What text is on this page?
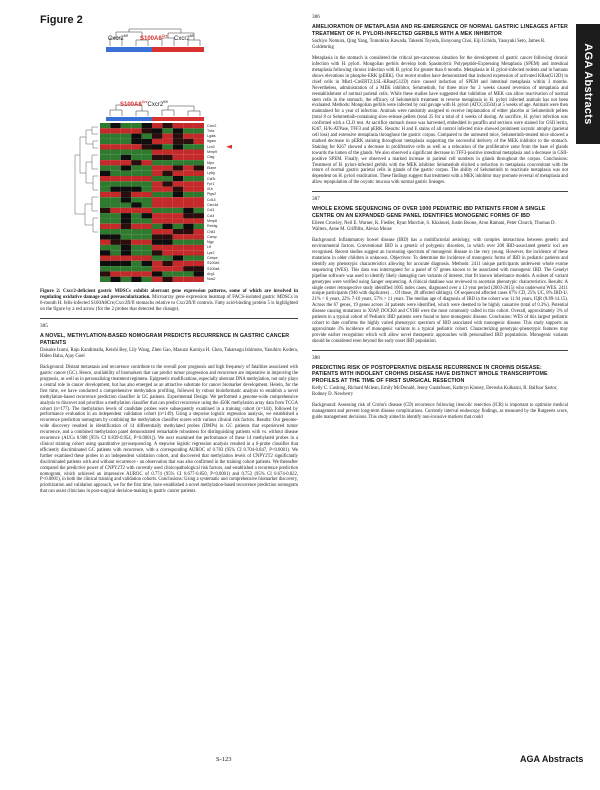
AGA Abstracts
Figure 2
Cxcr2
Tnfa
Lgals
Itgam
Lcn2
Mmp9
Ctsg
Mpo
Elane
Ly6g
Csf3r
Fpr1
Il1b
Ptgs2
Cd14
Clec4d
Ccl3
Ccl4
Mmp8
Retnlg
Chil3
Camp
Ngp
Ltf
Lyz2
Cebpe
S100a9
S100a8
Arg1
Nos2
$Cxcr2^{fl/fl}$ $S100A8^{Cre}$ $Cxcr2^{fl/fl}$
$S100A8^{Cre}Cxcr2^{fl/fl}$
Figure 2: Cxcr2-deficient gastric MDSCs exhibit aberrant gene expression patterns, some of which are involved in regulating oxidative damage and prevascularization. Microarray gene expression heatmap of FACS-isolated gastric MDSCs in 6-month H. felis-infected S100A8Cre;Cxcr2fl/fl stomachs relative to Cxcr2fl/fl controls. Fatty acid-binding protein 5 is highlighted on the figure by a red arrow (for the 2 probes that detected the change).
385
A NOVEL, METHYLATION-BASED NOMOGRAM PREDICTS RECURRENCE IN GASTRIC CANCER PATIENTS
Daisuke Izumi, Raju Kandimalla, Keishi Bey, Lily Wang, Zhen Gao, Masuzo Kamiya H. Chen, Takatsugu Ishimoto, Yasuhiro Kodera, Hideo Baba, Ajay Goel
Background: Distant metastasis and recurrence contribute to the overall poor prognosis and high frequency of fatalities associated with gastric cancer (GC). Hence, availability of biomarkers that can predict tumor progression and recurrence are imperative in improving the prognosis, as well as in personalizing treatment regimens. Epigenetic modifications, especially aberrant DNA methylation, not only plays a central role in cancer development, but has also emerged as an attractive substrate for cancer biomarker development. Herein, for the first time, we have conducted a comprehensive methylation profiling, followed by robust bioinformatic analysis to establish a novel methylation-based recurrence prediction classifier in GC patients. Experimental Design: We performed a genome-wide comprehensive analysis to discover and prioritize a methylation classifier that can predict recurrence using the 450K methylation array data from TCGA cohort (n=177). The methylation levels of candidate probes were subsequently examined in a training cohort (n=144), followed by performance evaluation in an independent validation cohort (n=149). Using a stepwise logistic regression analysis, we established a recurrence prediction nomogram by combining the methylation classifier scores with various clinical risk factors. Results: Our genome-wide discovery resulted in identification of 14 differentially methylated probes (DMPs) in GC patients that experienced tumor recurrence, and a combined methylation panel demonstrated remarkable robustness for distinguishing patients with vs. without disease recurrence (AUCs 0.908 [95% CI 0.839-0.954, P<0.0001]). We next examined the performance of these 14 methylated probes in a clinical training cohort using quantitative pyrosequencing. A stepwise logistic regression analysis resulted in a 6-probe classifier that efficiently discriminated GC patients with recurrence, with a corresponding AUROC of 0.783 (95% CI 0.704-0.847, P<0.0001). We further examined these probes in an independent validation cohort, and discovered that methylation levels of CNPY2T2 significantly discriminated patients with and without recurrence - an observation that was also confirmed in the training cohort patients. We thereafter compared the predictive power of CNPY2T2 with currently used clinicopathological risk factors, and established a recurrence prediction nomogram, which achieved an impressive AUROC of 0.774 (95% CI 0.677-0.850, P<0.0001) and 0.753 (95% CI 0.674-0.822, P<0.0001), in both the clinical training and validation cohorts. Conclusions: Using a systematic and comprehensive biomarker discovery, prioritization and validation approach, we for the first time, have established a novel methylation-based recurrence prediction nomogram that can assist clinicians in post-surgical decision-making in gastric cancer patients.
386
AMELIORATION OF METAPLASIA AND RE-EMERGENCE OF NORMAL GASTRIC LINEAGES AFTER TREATMENT OF H. PYLORI-INFECTED GERBILS WITH A MEK INHIBITOR
Sachiyo Nomura, Qing Yang, Tomohiko Kawada, Takeshi Toyoda, Eunyoung Choi, Eiji Uchida, Yasuyuki Seto, James R. Goldenring
Metaplasia in the stomach is considered the critical pre-cancerous situation for the development of gastric cancer following chronic infection with H. pylori. Mongolian gerbils develop both Spasmolytic Polypeptide-Expressing Metaplasia (SPEM) and intestinal metaplasia following chronic infection with H. pylori for greater than 6 months. Metaplasia in H. pylori-infected rodents and in humans shows elevations in phospho-ERK (pERK). Our recent studies have demonstrated that induced expression of activated KRas(G12D) in chief cells in Mist1-CreERT2;LSL-KRas(G12D) mice caused induction of SPEM and intestinal metaplasia within 3 months. Nevertheless, administration of a MEK inhibitor, Selumetinib, for three mice for 2 weeks caused reversion of metaplasia and reestablishment of normal parietal cells. While these studies have suggested that inhibition of MEK can allow reactivation of normal stem cells in the stomach, the efficacy of Selumetinib treatment to reverse metaplasia in H. pylori infected animals has not been evaluated. Methods: Mongolian gerbils were infected by oral gavage with H. pylori (ATCC43504) at 5 weeks of age. Animals were then maintained for a year of infection. Animals were randomly assigned to receive implantation of either placebo or Selumetinib pellets (total 8 or Selumetinib-containing slow-release pellets (total 25 for a total of 4 weeks of dosing. At sacrifice, H. pylori infection was confirmed with a CLO test. At sacrifice stomach tissue was harvested, embedded in paraffin and sections were stained for GSII lectin, Ki67, H/K-ATPase, TFF3 and pERK. Results: H and E stains of all control infected mice showed prominent oxyntic atrophy (parietal cell loss) and extensive metaplasia throughout the gastric corpus. Compared to the untreated mice, Selumetinib-treated mice showed a marked decrease in pERK staining throughout metaplasia supporting the successful delivery of the MEK inhibitor to the stomach. Staining for Ki67 showed a decrease in proliferative cells as well as a relocation of the proliferative zone from the base of glands towards the lumen of the glands. We also observed a significant decrease in TFF3-positive intestinal metaplasia and a decrease in GSII-positive SPEM. Finally, we observed a marked increase in parietal cell numbers in glands throughout the corpus. Conclusions: Treatment of H. pylori-infected gerbils with the MEK inhibitor Selumetinib elicited a reduction in metaplasia concomitant with the return of normal gastric parietal cells in glands of the gastric corpus. The ability of Selumetinib to reactivate metaplasia was not dependent on H. pylori eradication. These findings suggest that treatment with a MEK inhibitor may promote reversal of metaplasia and allow repopulation of the oxyntic mucosa with normal gastric lineages.
387
WHOLE EXOME SEQUENCING OF OVER 1000 PEDIATRIC IBD PATIENTS FROM A SINGLE CENTRE ON AN EXPANDED GENE PANEL IDENTIFIES MONOGENIC FORMS OF IBD
Eileen Crowley, Neil E. Warner, K. Fiedler, Ryan Murchie, S. Khalouei, Justin Boone, Arun Ramani, Peter Church, Thomas D. Walters, Anne M. Griffiths, Aleixo Muise
Background: Inflammatory bowel disease (IBD) has a multifactorial aetiology, with complex interactions between genetic and environmental factors. Conventional IBD is a genetic of polygenic disorders, in which over 200 IBD-associated genetic loci are recognised. Recent studies suggest an increasing spectrum of monogenic disease in the very young. However, the incidence of these mutations in older children is unknown. Objectives: To determine the incidence of monogenic forms of IBD in pediatric patients and identify any phenotypic characteristics allowing for accurate diagnosis. Methods: 2411 unique participants underwent whole exome sequencing (WES). This data was interrogated for a panel of 67 genes known to be associated with monogenic IBD. The Genelyt pipeline software was used to identify likely damaging rare variants of interest, that fit known inheritance models. A subset of variant genotypes were verified using Sanger sequencing. A clinical database was reviewed to ascertain phenotypic characteristics. Results: A single center retrospective study identified 1005 index cases, diagnosed over a 13 year period (2003-2015) who underwent WES. 2411 unique participants (946 with duplicates) ... Of those, 28 affected siblings). Of sequenced affected cases 67% CD, 25% UC, 8% IBD-U. 21% < 6 years, 22% 7-10 years, 57% > 11 years. The median age of diagnosis of IBD in the cohort was 11.94 years, IQR (8.89-14.15). Across the 67 genes, 19 genes across 34 patients were identified, which were deemed to be highly causative (total of 0.3%). Potential disease causing mutations in XIAP, DOCK8 and CYBB were the most commonly called in this cohort. Overall, approximately 3% of patients in a typical cohort of Pediatric IBD patients were found to have monogenic disease. Conclusion: WES of this largest pediatric cohort to date confirms the highly varied phenotypic spectrum of IBD associated with monogenic disease. This study supports an approximate 3% incidence of monogenic variants in a typical pediatric cohort. Characterizing genotypic-phenotypic features may provide earlier recognition which will allow novel therapeutic approaches with personalised IBD populations. Monogenic variants should be considered even beyond the early onset IBD population.
388
PREDICTING RISK OF POSTOPERATIVE DISEASE RECURRENCE IN CROHNS DISEASE: PATIENTS WITH INDOLENT CROHNS DISEASE HAVE DISTINCT WHOLE TRANSCRIPTOME PROFILES AT THE TIME OF FIRST SURGICAL RESECTION
Kelly C. Cushing, Richard Mclean, Emily McDonald, Jenny Gustafsson, Kathryn Kinney, Devesha Kulkarni, R. Balfour Sartor, Rodney D. Newberry
Background: Assessing risk of Crohn's disease (CD) recurrence following ileocolic resection (ICR) is important to optimize medical management and prevent long-term disease complications. Currently interval endoscopy findings, as measured by the Rutgeerts score, guide management decisions. This study aimed to identify non-invasive markers that could
S-123	AGA Abstracts
